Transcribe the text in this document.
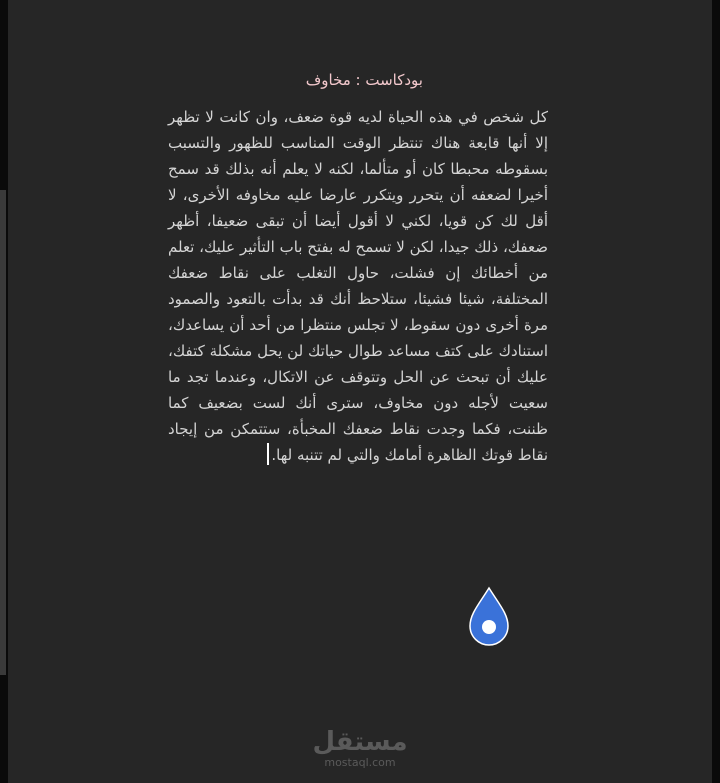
بودكاست : مخاوف
كل شخص في هذه الحياة لديه قوة ضعف، وان كانت لا تظهر إلا أنها قابعة هناك تنتظر الوقت المناسب للظهور والتسبب بسقوطه محبطا كان أو متألما، لكنه لا يعلم أنه بذلك قد سمح أخيرا لضعفه أن يتحرر ويتكرر عارضا عليه مخاوفه الأخرى، لا أقل لك كن قويا، لكني لا أقول أيضا أن تبقى ضعيفا، أظهر ضعفك، ذلك جيدا، لكن لا تسمح له بفتح باب التأثير عليك، تعلم من أخطائك إن فشلت، حاول التغلب على نقاط ضعفك المختلفة، شيئا فشيئا، ستلاحظ أنك قد بدأت بالتعود والصمود مرة أخرى دون سقوط، لا تجلس منتظرا من أحد أن يساعدك، استنادك على كتف مساعد طوال حياتك لن يحل مشكلة كتفك، عليك أن تبحث عن الحل وتتوقف عن الاتكال، وعندما تجد ما سعيت لأجله دون مخاوف، سترى أنك لست بضعيف كما ظننت، فكما وجدت نقاط ضعفك المخبأة، ستتمكن من إيجاد نقاط قوتك الظاهرة أمامك والتي لم تتنبه لها.
مستقل
mostaql.com
